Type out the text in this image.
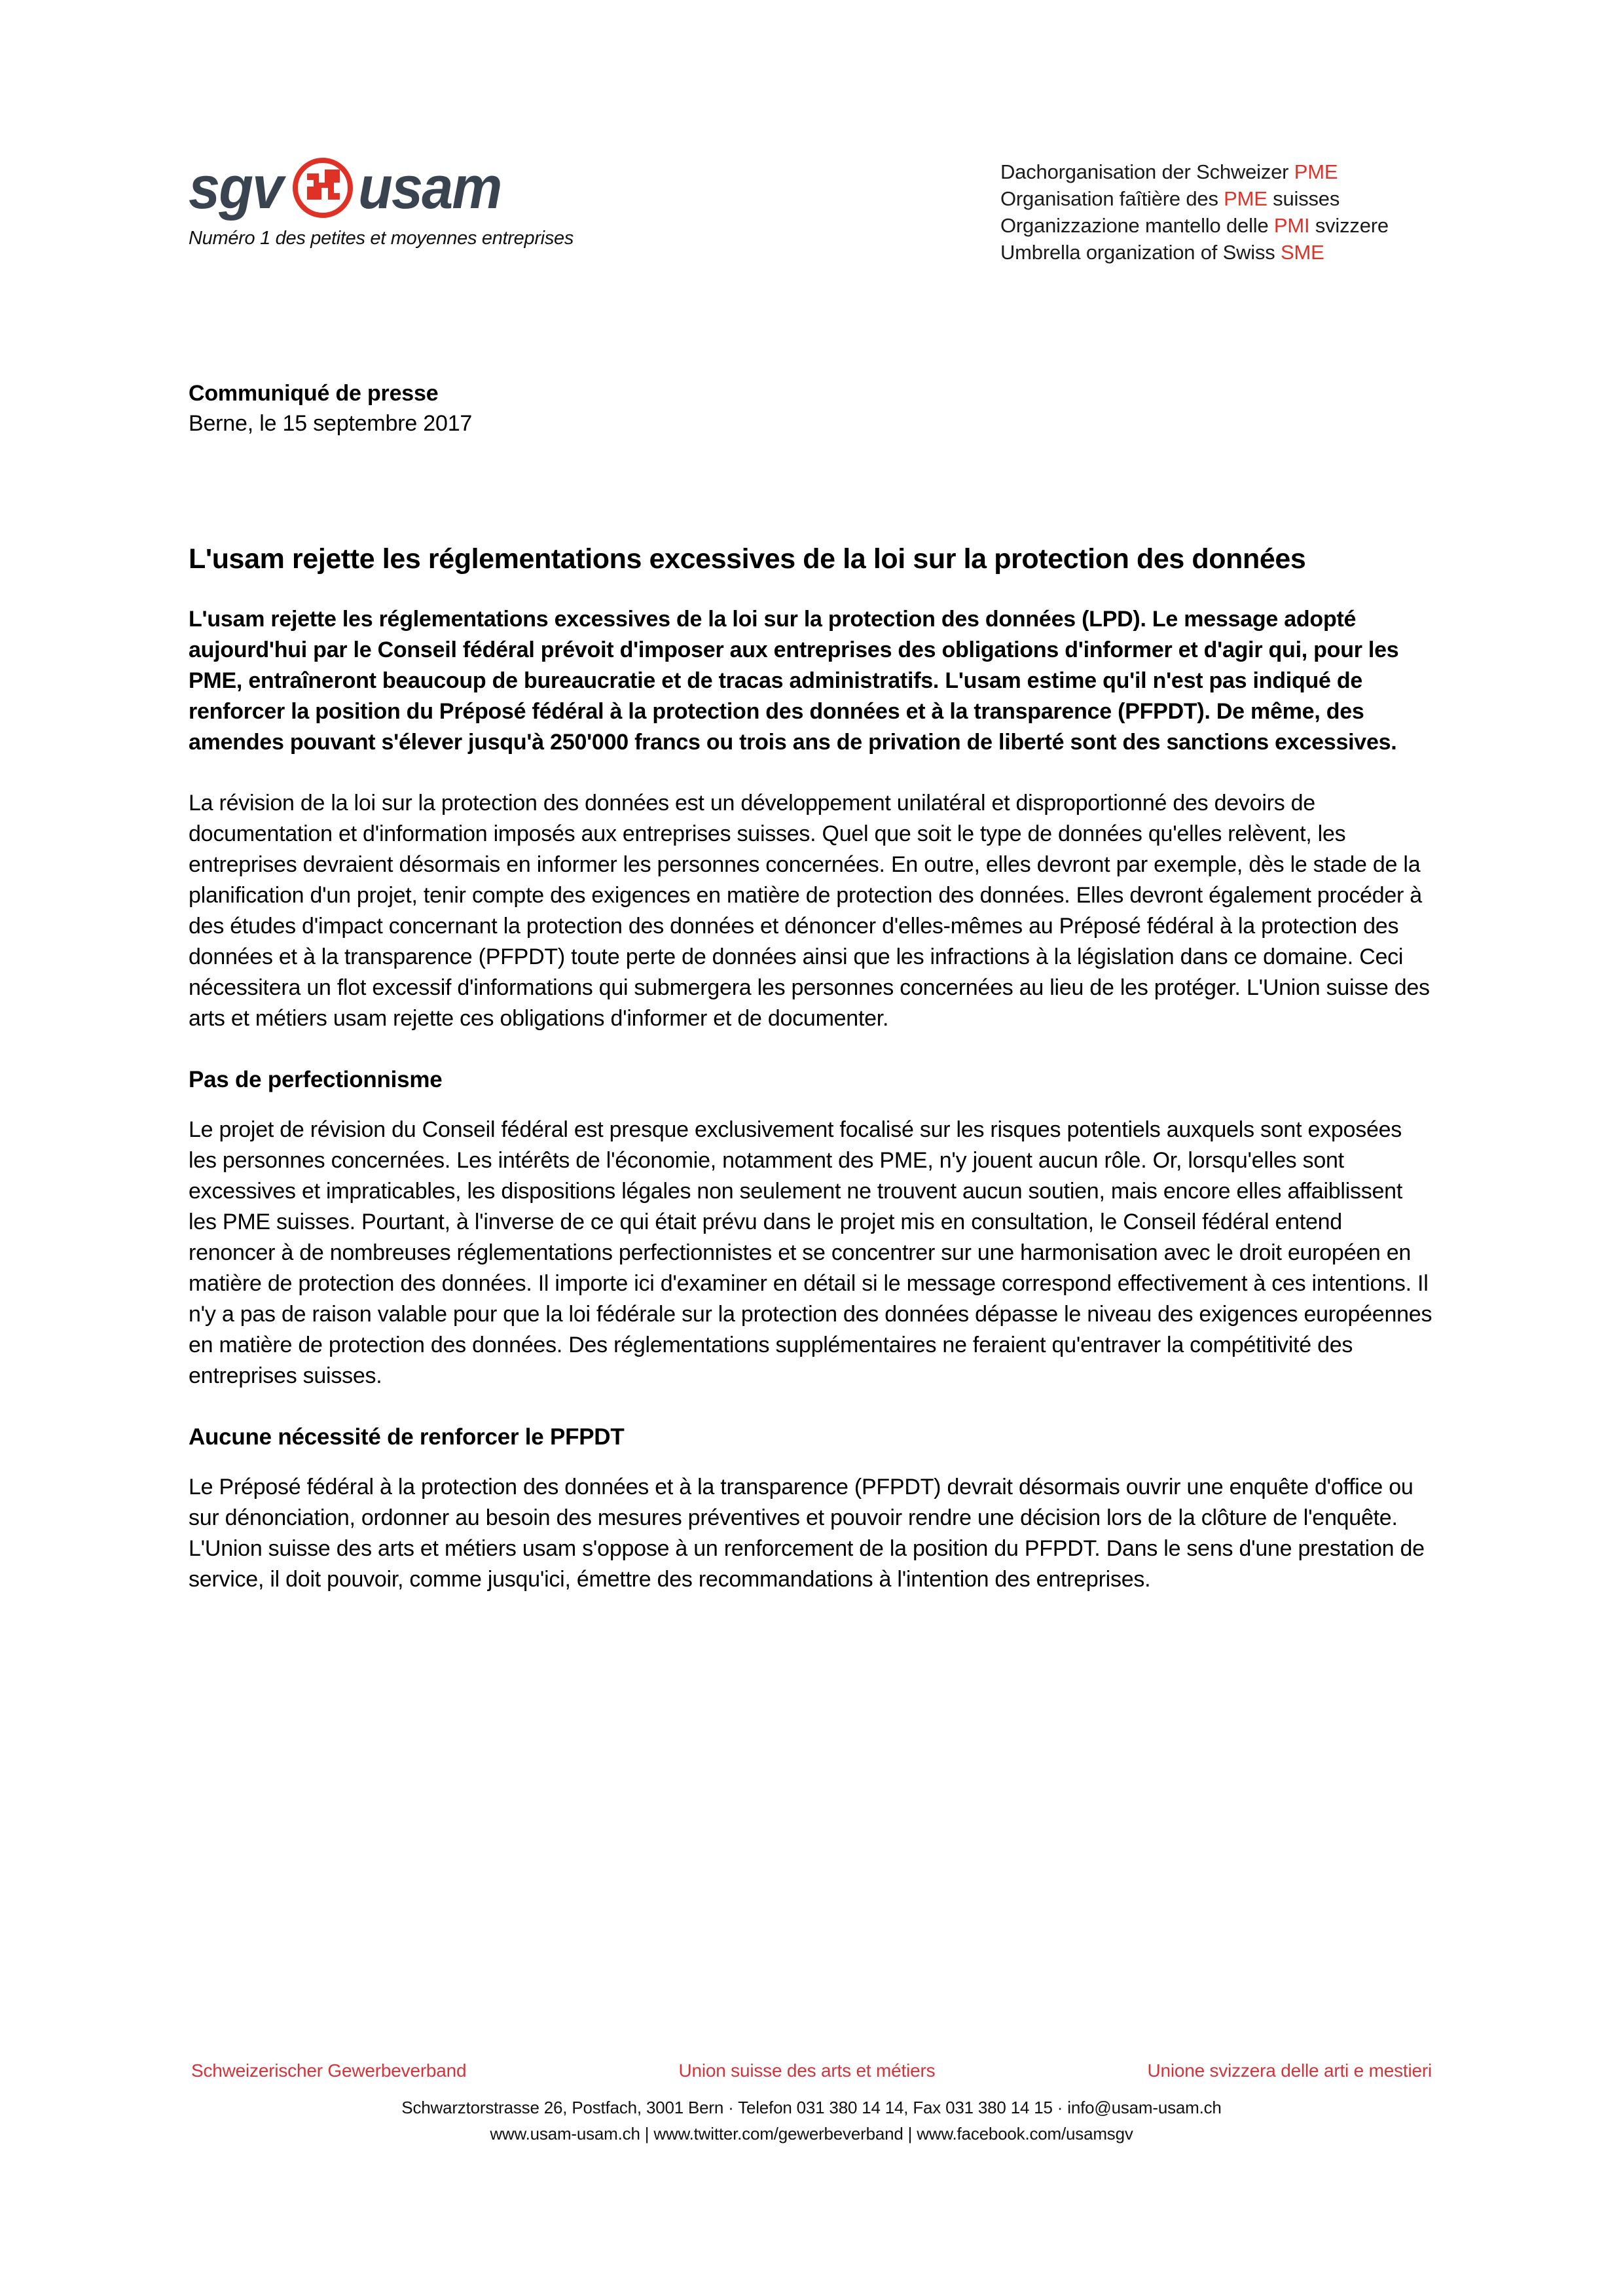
sgv usam
Numéro 1 des petites et moyennes entreprises
Dachorganisation der Schweizer PME
Organisation faîtière des PME suisses
Organizzazione mantello delle PMI svizzere
Umbrella organization of Swiss SME
Communiqué de presse
Berne, le 15 septembre 2017
L'usam rejette les réglementations excessives de la loi sur la protection des données

L'usam rejette les réglementations excessives de la loi sur la protection des données (LPD). Le message adopté aujourd'hui par le Conseil fédéral prévoit d'imposer aux entreprises des obligations d'informer et d'agir qui, pour les PME, entraîneront beaucoup de bureaucratie et de tracas administratifs. L'usam estime qu'il n'est pas indiqué de renforcer la position du Préposé fédéral à la protection des données et à la transparence (PFPDT). De même, des amendes pouvant s'élever jusqu'à 250'000 francs ou trois ans de privation de liberté sont des sanctions excessives.

La révision de la loi sur la protection des données est un développement unilatéral et disproportionné des devoirs de documentation et d'information imposés aux entreprises suisses. Quel que soit le type de données qu'elles relèvent, les entreprises devraient désormais en informer les personnes concernées. En outre, elles devront par exemple, dès le stade de la planification d'un projet, tenir compte des exigences en matière de protection des données. Elles devront également procéder à des études d'impact concernant la protection des données et dénoncer d'elles-mêmes au Préposé fédéral à la protection des données et à la transparence (PFPDT) toute perte de données ainsi que les infractions à la législation dans ce domaine. Ceci nécessitera un flot excessif d'informations qui submergera les personnes concernées au lieu de les protéger. L'Union suisse des arts et métiers usam rejette ces obligations d'informer et de documenter.

Pas de perfectionnisme

Le projet de révision du Conseil fédéral est presque exclusivement focalisé sur les risques potentiels auxquels sont exposées les personnes concernées. Les intérêts de l'économie, notamment des PME, n'y jouent aucun rôle. Or, lorsqu'elles sont excessives et impraticables, les dispositions légales non seulement ne trouvent aucun soutien, mais encore elles affaiblissent les PME suisses. Pourtant, à l'inverse de ce qui était prévu dans le projet mis en consultation, le Conseil fédéral entend renoncer à de nombreuses réglementations perfectionnistes et se concentrer sur une harmonisation avec le droit européen en matière de protection des données. Il importe ici d'examiner en détail si le message correspond effectivement à ces intentions. Il n'y a pas de raison valable pour que la loi fédérale sur la protection des données dépasse le niveau des exigences européennes en matière de protection des données. Des réglementations supplémentaires ne feraient qu'entraver la compétitivité des entreprises suisses.

Aucune nécessité de renforcer le PFPDT

Le Préposé fédéral à la protection des données et à la transparence (PFPDT) devrait désormais ouvrir une enquête d'office ou sur dénonciation, ordonner au besoin des mesures préventives et pouvoir rendre une décision lors de la clôture de l'enquête. L'Union suisse des arts et métiers usam s'oppose à un renforcement de la position du PFPDT. Dans le sens d'une prestation de service, il doit pouvoir, comme jusqu'ici, émettre des recommandations à l'intention des entreprises.

Schweizerischer Gewerbeverband	Union suisse des arts et métiers	Unione svizzera delle arti e mestieri
Schwarztorstrasse 26, Postfach, 3001 Bern · Telefon 031 380 14 14, Fax 031 380 14 15 · info@usam-usam.ch
www.usam-usam.ch | www.twitter.com/gewerbeverband | www.facebook.com/usamsgv
